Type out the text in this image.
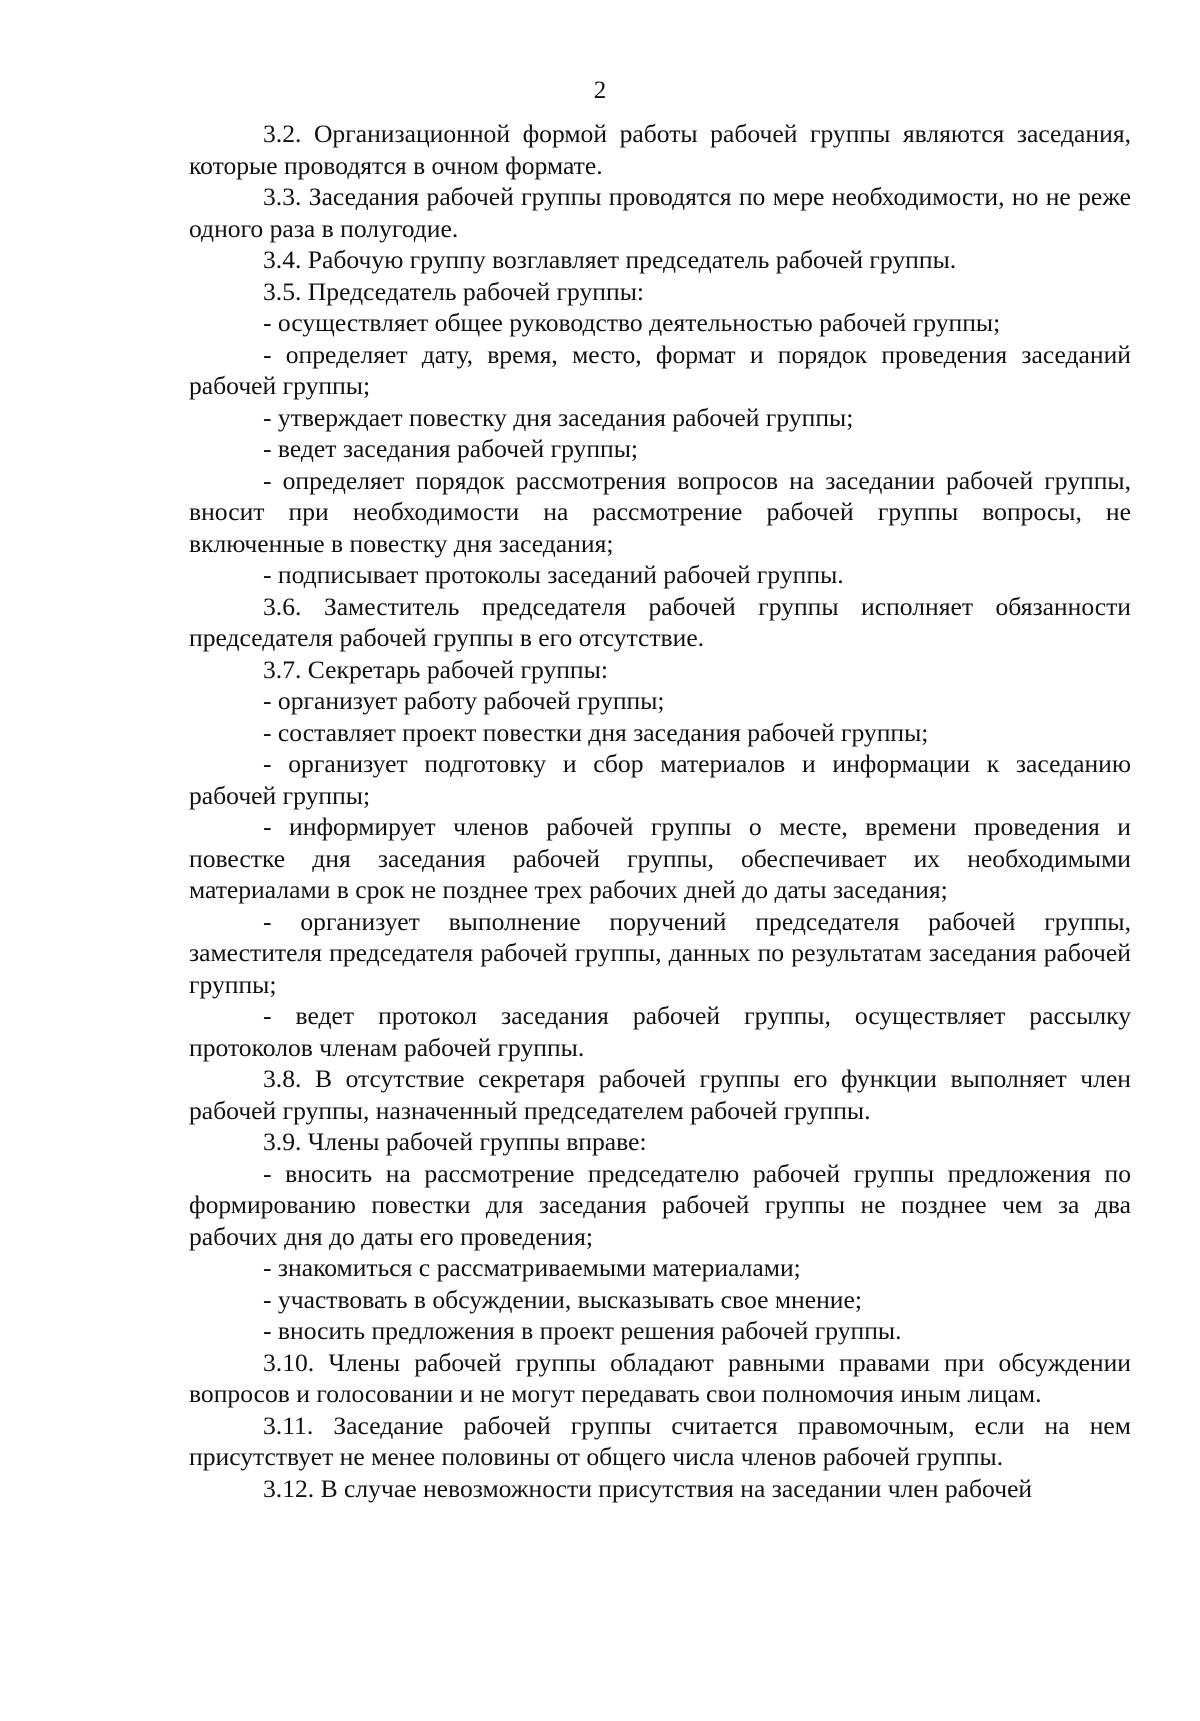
2

3.2. Организационной формой работы рабочей группы являются заседания, которые проводятся в очном формате.

3.3. Заседания рабочей группы проводятся по мере необходимости, но не реже одного раза в полугодие.

3.4. Рабочую группу возглавляет председатель рабочей группы.

3.5. Председатель рабочей группы:

- осуществляет общее руководство деятельностью рабочей группы;

- определяет дату, время, место, формат и порядок проведения заседаний рабочей группы;

- утверждает повестку дня заседания рабочей группы;

- ведет заседания рабочей группы;

- определяет порядок рассмотрения вопросов на заседании рабочей группы, вносит при необходимости на рассмотрение рабочей группы вопросы, не включенные в повестку дня заседания;

- подписывает протоколы заседаний рабочей группы.

3.6. Заместитель председателя рабочей группы исполняет обязанности председателя рабочей группы в его отсутствие.

3.7. Секретарь рабочей группы:

- организует работу рабочей группы;

- составляет проект повестки дня заседания рабочей группы;

- организует подготовку и сбор материалов и информации к заседанию рабочей группы;

- информирует членов рабочей группы о месте, времени проведения и повестке дня заседания рабочей группы, обеспечивает их необходимыми материалами в срок не позднее трех рабочих дней до даты заседания;

- организует выполнение поручений председателя рабочей группы, заместителя председателя рабочей группы, данных по результатам заседания рабочей группы;

- ведет протокол заседания рабочей группы, осуществляет рассылку протоколов членам рабочей группы.

3.8. В отсутствие секретаря рабочей группы его функции выполняет член рабочей группы, назначенный председателем рабочей группы.

3.9. Члены рабочей группы вправе:

- вносить на рассмотрение председателю рабочей группы предложения по формированию повестки для заседания рабочей группы не позднее чем за два рабочих дня до даты его проведения;

- знакомиться с рассматриваемыми материалами;

- участвовать в обсуждении, высказывать свое мнение;

- вносить предложения в проект решения рабочей группы.

3.10. Члены рабочей группы обладают равными правами при обсуждении вопросов и голосовании и не могут передавать свои полномочия иным лицам.

3.11. Заседание рабочей группы считается правомочным, если на нем присутствует не менее половины от общего числа членов рабочей группы.

3.12. В случае невозможности присутствия на заседании член рабочей
